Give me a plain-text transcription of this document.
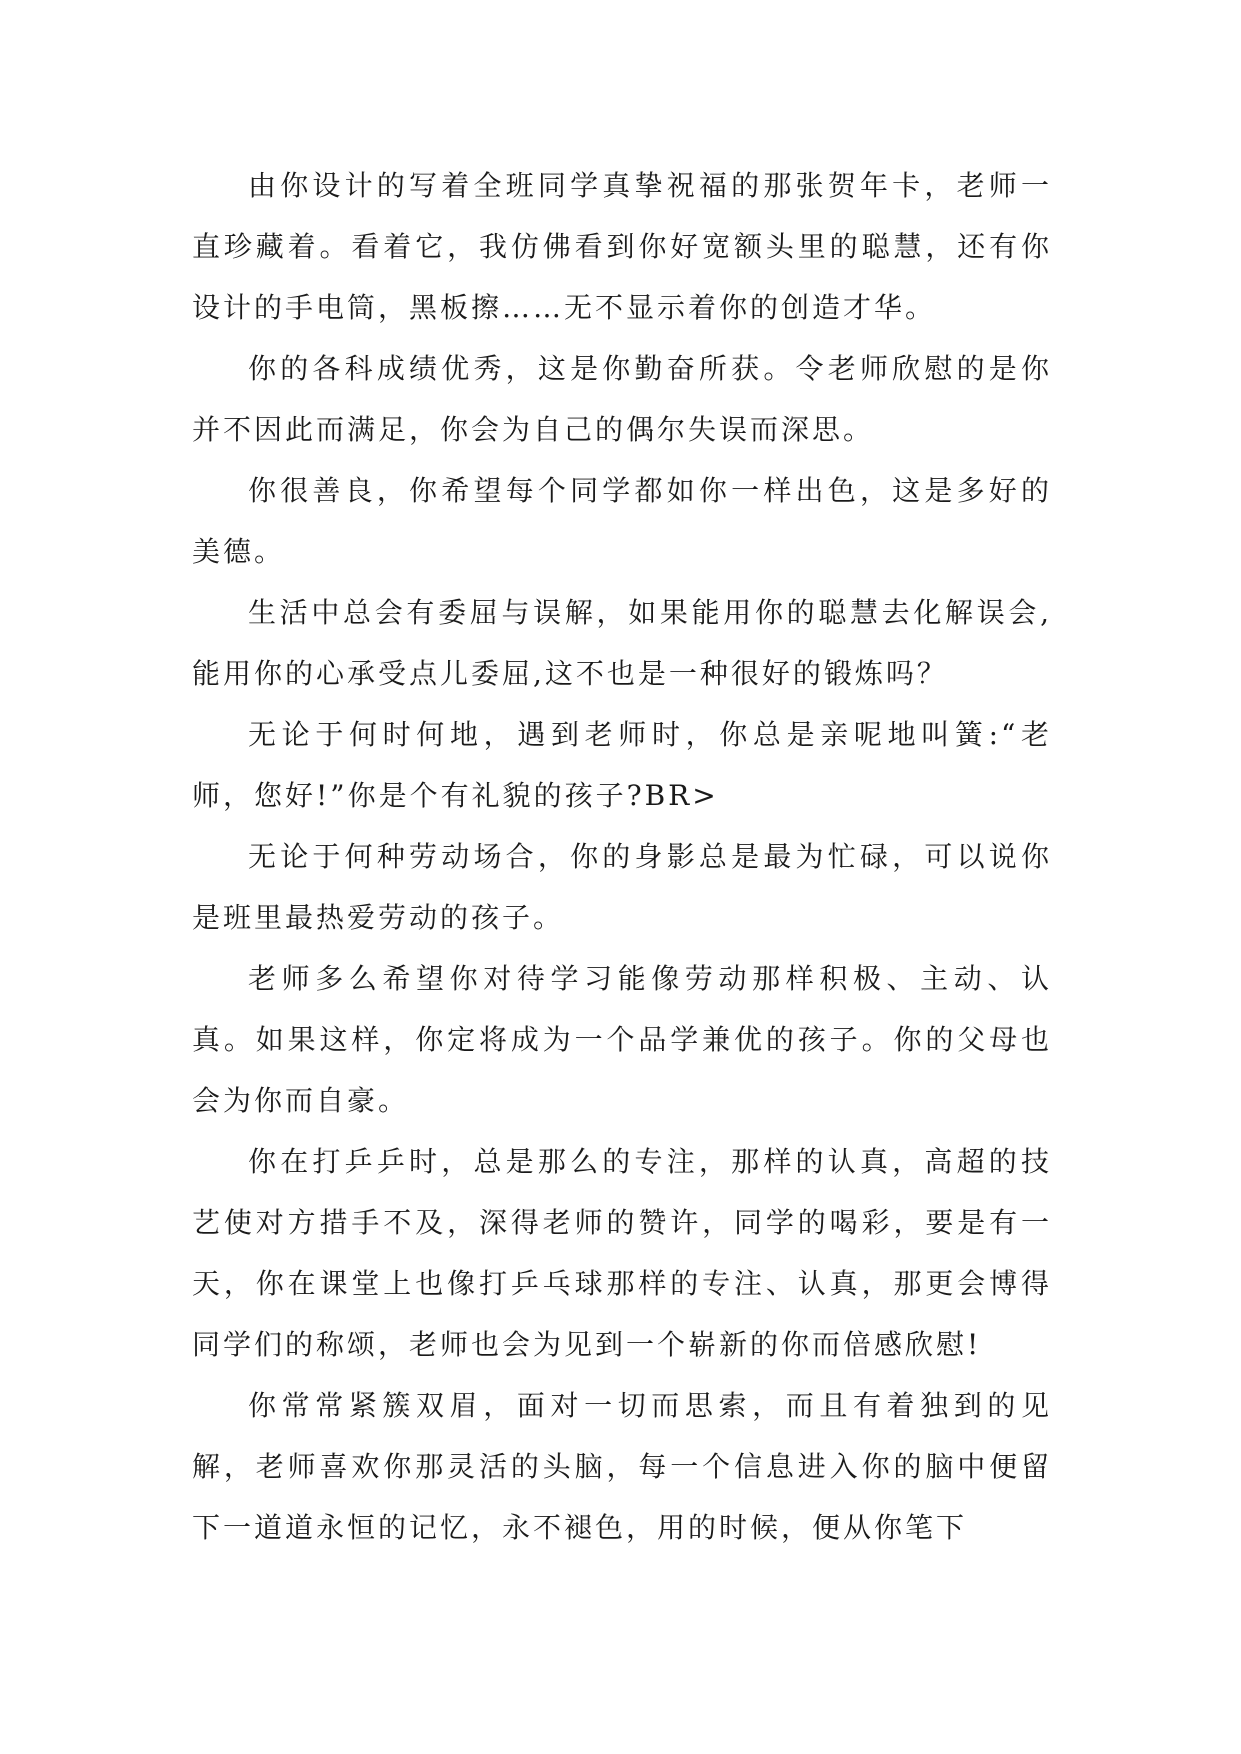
由你设计的写着全班同学真挚祝福的那张贺年卡，老师一直珍藏着。看着它，我仿佛看到你好宽额头里的聪慧，还有你设计的手电筒，黑板擦……无不显示着你的创造才华。

你的各科成绩优秀，这是你勤奋所获。令老师欣慰的是你并不因此而满足，你会为自己的偶尔失误而深思。

你很善良，你希望每个同学都如你一样出色，这是多好的美德。

生活中总会有委屈与误解，如果能用你的聪慧去化解误会,能用你的心承受点儿委屈,这不也是一种很好的锻炼吗？

无论于何时何地，遇到老师时，你总是亲呢地叫簧:“老师，您好!”你是个有礼貌的孩子?BR>

无论于何种劳动场合，你的身影总是最为忙碌，可以说你是班里最热爱劳动的孩子。

老师多么希望你对待学习能像劳动那样积极、主动、认真。如果这样，你定将成为一个品学兼优的孩子。你的父母也会为你而自豪。

你在打乒乒时，总是那么的专注，那样的认真，高超的技艺使对方措手不及，深得老师的赞许，同学的喝彩，要是有一天，你在课堂上也像打乒乓球那样的专注、认真，那更会博得同学们的称颂，老师也会为见到一个崭新的你而倍感欣慰!

你常常紧簇双眉，面对一切而思索，而且有着独到的见解，老师喜欢你那灵活的头脑，每一个信息进入你的脑中便留下一道道永恒的记忆，永不褪色，用的时候，便从你笔下
